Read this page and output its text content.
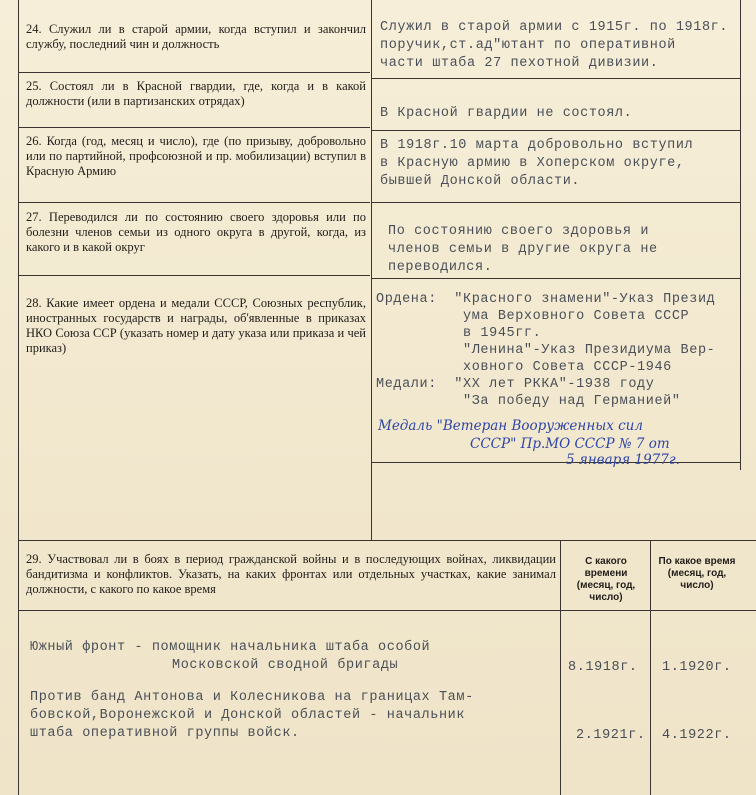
24. Служил ли в старой армии, когда вступил и закончил службу, последний чин и должность
Служил в старой армии с 1915г. по 1918г.
поручик,ст.ад"ютант по оперативной
части штаба 27 пехотной дивизии.
25. Состоял ли в Красной гвардии, где, когда и в какой должности (или в партизанских отрядах)
В Красной гвардии не состоял.
26. Когда (год, месяц и число), где (по призыву, добровольно или по партийной, профсоюзной и пр. мобилизации) вступил в Красную Армию
В 1918г.10 марта добровольно вступил
в Красную армию в Хоперском округе,
бывшей Донской области.
27. Переводился ли по состоянию своего здоровья или по болезни членов семьи из одного округа в другой, когда, из какого и в какой округ
По состоянию своего здоровья и
членов семьи в другие округа не
переводился.
28. Какие имеет ордена и медали СССР, Союзных республик, иностранных государств и награды, об'явленные в приказах НКО Союза ССР (указать номер и дату указа или приказа и чей приказ)
Ордена:  "Красного знамени"-Указ Презид
ума Верховного Совета СССР
в 1945гг.
"Ленина"-Указ Президиума Вер-
ховного Совета СССР-1946
Медали:  "XX лет РККА"-1938 году
"За победу над Германией"
Медаль "Ветеран Вооруженных сил
СССР" Пр.МО СССР № 7 от
5 января 1977г.
29. Участвовал ли в боях в период гражданской войны и в последующих войнах, ликвидации бандитизма и конфликтов. Указать, на каких фронтах или отдельных участках, какие занимал должности, с какого по какое время
С какого времени (месяц, год, число)
По какое время (месяц, год, число)
Южный фронт - помощник начальника штаба особой
Московской сводной бригады	8.1918г. 1.1920г.
Против банд Антонова и Колесникова на границах Там-
бовской,Воронежской и Донской областей - начальник
штаба оперативной группы войск.	2.1921г. 4.1922г.
